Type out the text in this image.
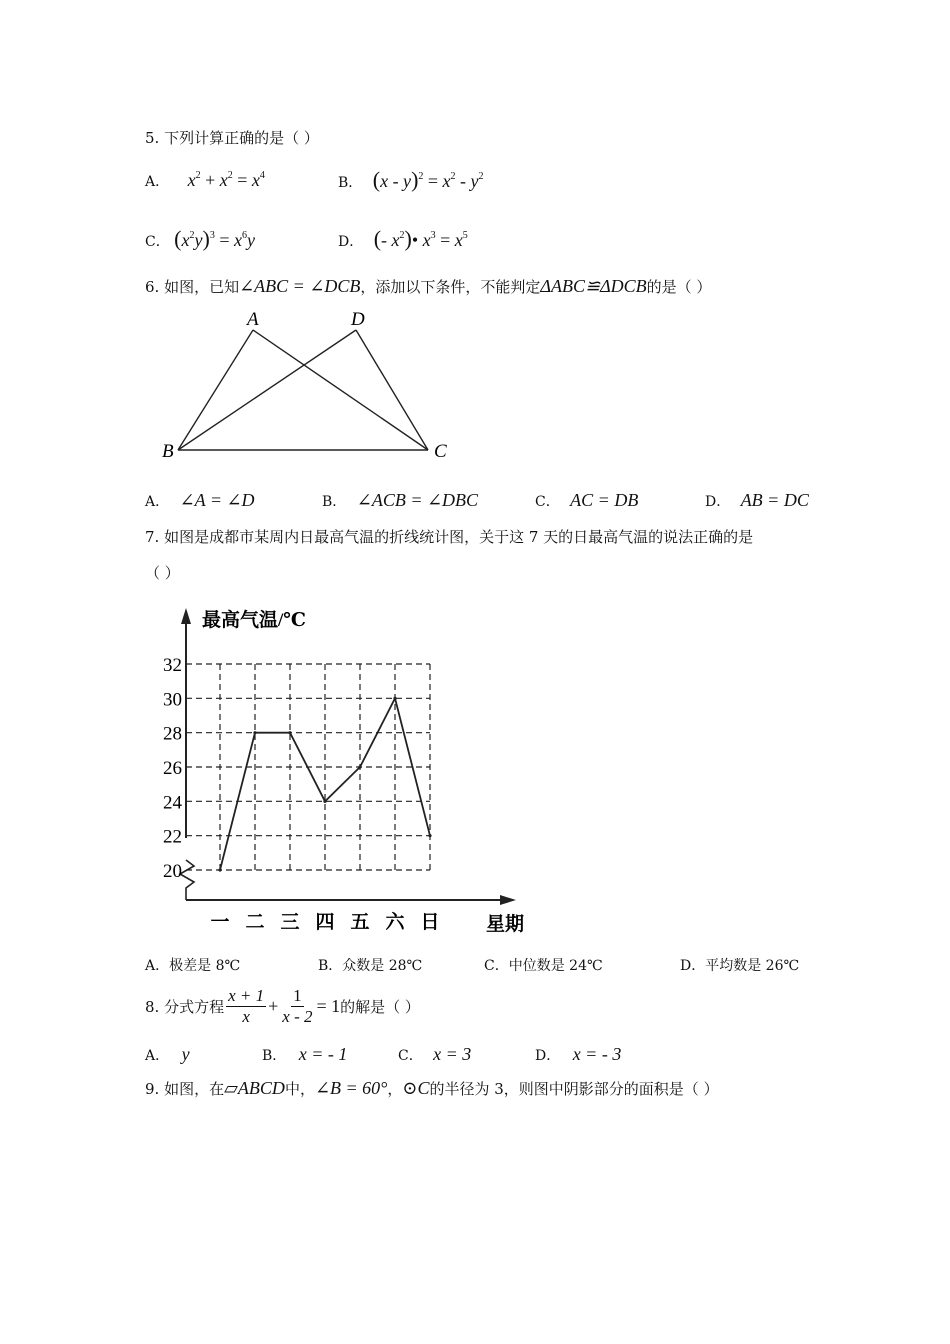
5. 下列计算正确的是（ ）
A． $x^2 + x^2 = x^4$	B． $(x - y)^2 = x^2 - y^2$
C． $(x^2y)^3 = x^6y$	D． (- $x^2)•$ $x^3 = x^5$
6. 如图，已知∠ABC = ∠DCB，添加以下条件，不能判定ΔABC≌ΔDCB的是（ ）
A	D
B	C
A． ∠A = ∠D	B． ∠ACB = ∠DBC	C． AC = DB	D． AB = DC
7. 如图是成都市某周内日最高气温的折线统计图，关于这 7 天的日最高气温的说法正确的是
（ ）
20
22
24
26
28
30
32
一 二 三 四 五 六 日
最高气温/℃
星期
A．极差是 8℃	B．众数是 28℃	C．中位数是 24℃	D．平均数是 26℃
8. 分式方程 $\frac{x + 1}{x} + \frac{1}{x - 2} = 1$ 的解是（ ）
A． y	B． x = - 1	C． x = 3	D． x = - 3
9. 如图，在▱ABCD中，∠B = 60°，⊙C的半径为 3，则图中阴影部分的面积是（ ）
